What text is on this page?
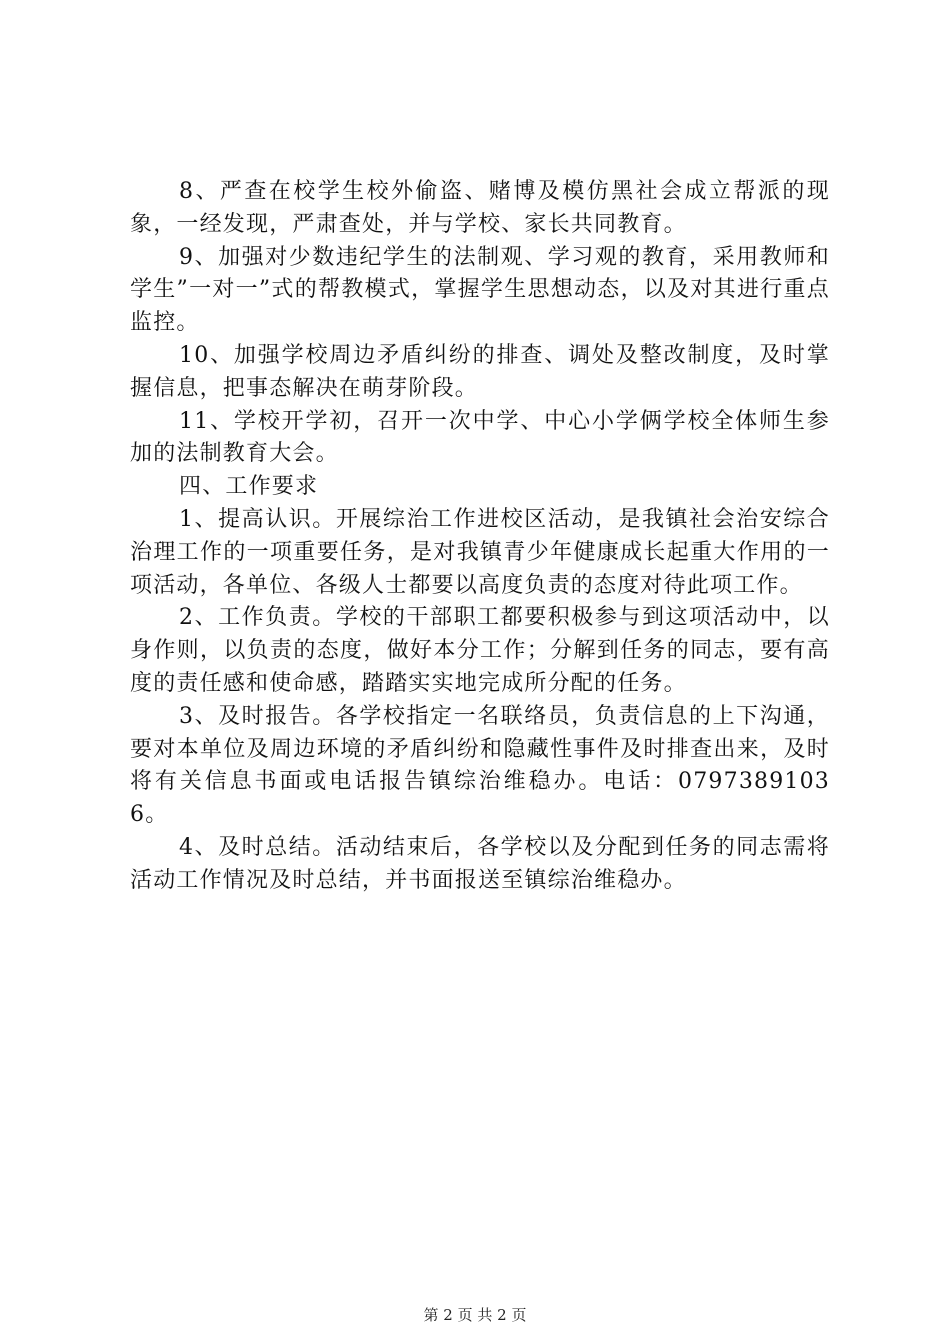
8、严查在校学生校外偷盗、赌博及模仿黑社会成立帮派的现象，一经发现，严肃查处，并与学校、家长共同教育。

9、加强对少数违纪学生的法制观、学习观的教育，采用教师和学生”一对一”式的帮教模式，掌握学生思想动态，以及对其进行重点监控。

10、加强学校周边矛盾纠纷的排查、调处及整改制度，及时掌握信息，把事态解决在萌芽阶段。

11、学校开学初，召开一次中学、中心小学俩学校全体师生参加的法制教育大会。

四、工作要求

1、提高认识。开展综治工作进校区活动，是我镇社会治安综合治理工作的一项重要任务，是对我镇青少年健康成长起重大作用的一项活动，各单位、各级人士都要以高度负责的态度对待此项工作。

2、工作负责。学校的干部职工都要积极参与到这项活动中，以身作则，以负责的态度，做好本分工作；分解到任务的同志，要有高度的责任感和使命感，踏踏实实地完成所分配的任务。

3、及时报告。各学校指定一名联络员，负责信息的上下沟通，要对本单位及周边环境的矛盾纠纷和隐藏性事件及时排查出来，及时将有关信息书面或电话报告镇综治维稳办。电话：07973891036。

4、及时总结。活动结束后，各学校以及分配到任务的同志需将活动工作情况及时总结，并书面报送至镇综治维稳办。

第 2 页 共 2 页
